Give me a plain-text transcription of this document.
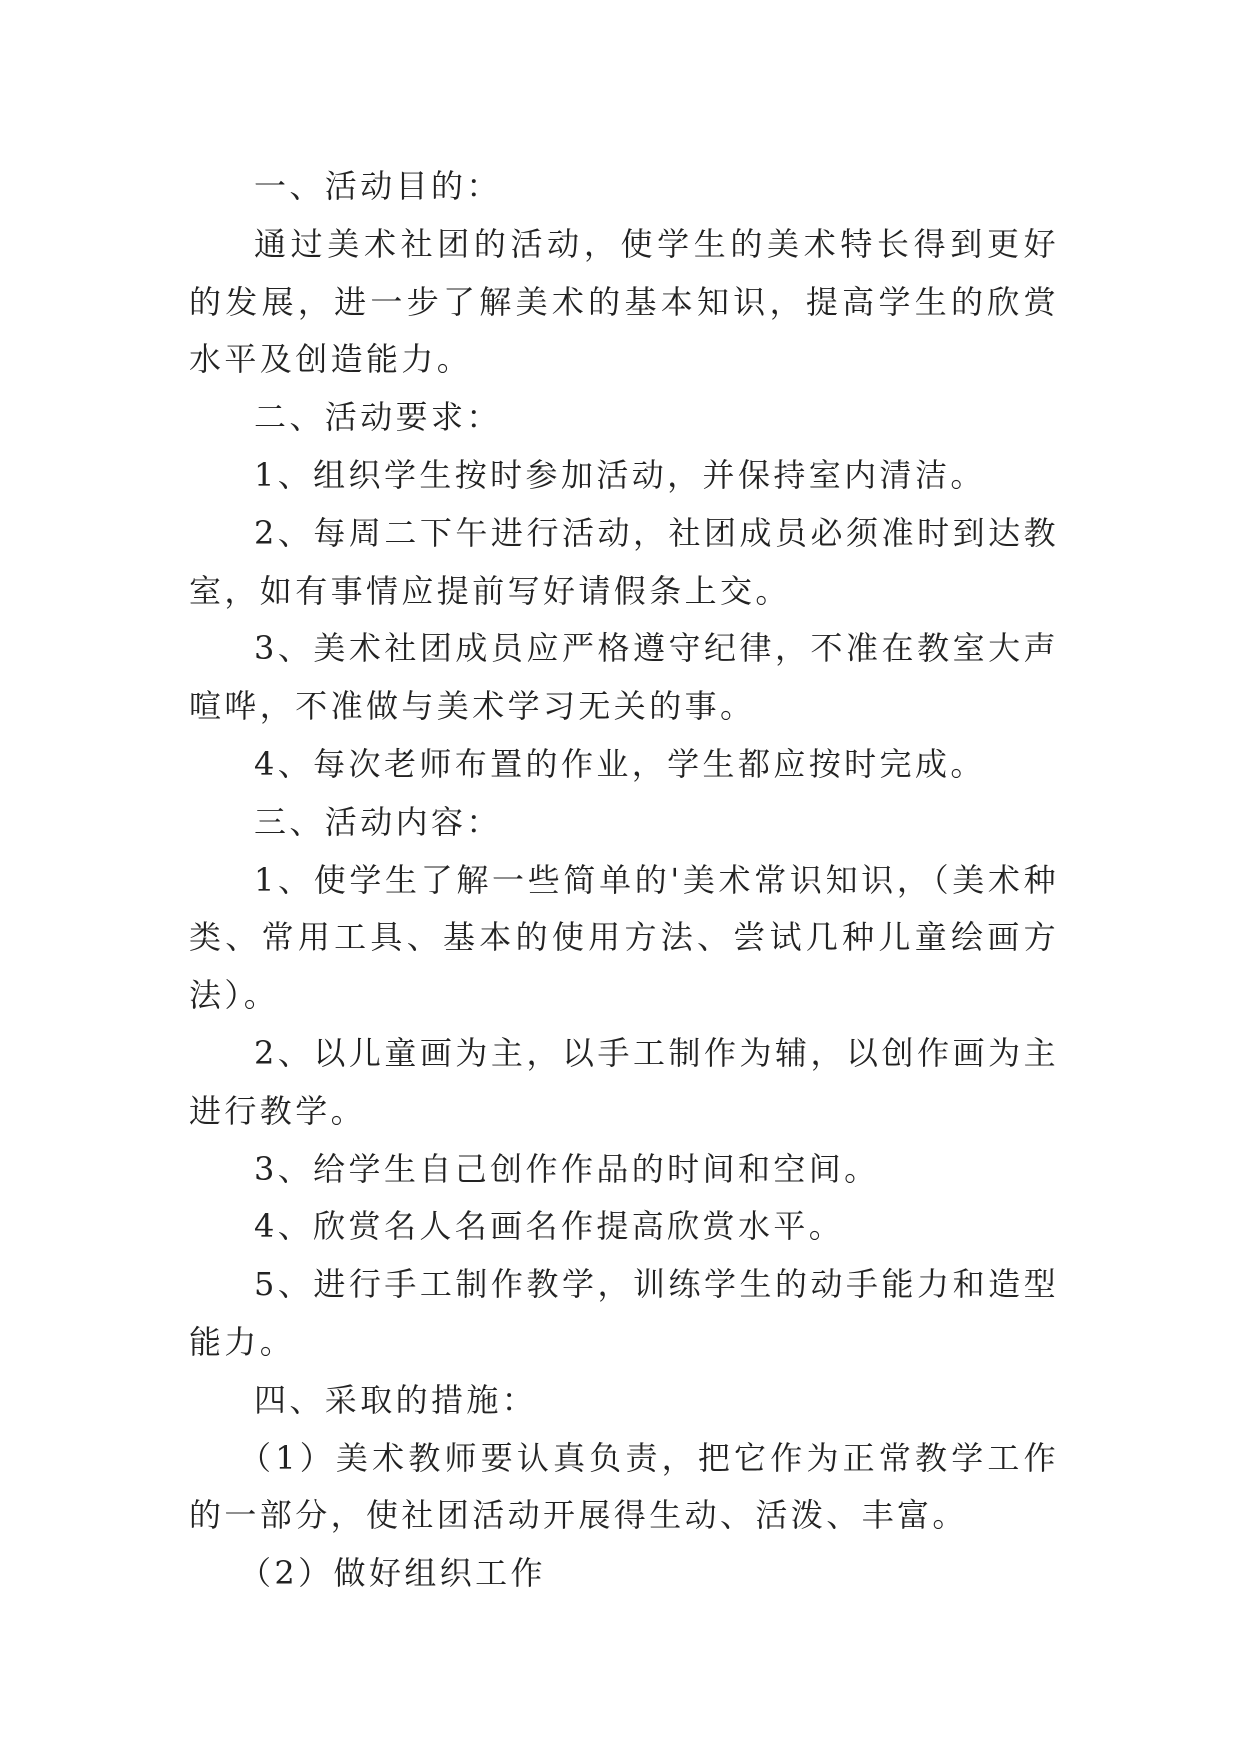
一、活动目的：

通过美术社团的活动，使学生的美术特长得到更好的发展，进一步了解美术的基本知识，提高学生的欣赏水平及创造能力。

二、活动要求：

1、组织学生按时参加活动，并保持室内清洁。

2、每周二下午进行活动，社团成员必须准时到达教室，如有事情应提前写好请假条上交。

3、美术社团成员应严格遵守纪律，不准在教室大声喧哗，不准做与美术学习无关的事。

4、每次老师布置的作业，学生都应按时完成。

三、活动内容：

1、使学生了解一些简单的'美术常识知识，（美术种类、常用工具、基本的使用方法、尝试几种儿童绘画方法）。

2、以儿童画为主，以手工制作为辅，以创作画为主进行教学。

3、给学生自己创作作品的时间和空间。

4、欣赏名人名画名作提高欣赏水平。

5、进行手工制作教学，训练学生的动手能力和造型能力。

四、采取的措施：

（1）美术教师要认真负责，把它作为正常教学工作的一部分，使社团活动开展得生动、活泼、丰富。

（2）做好组织工作
